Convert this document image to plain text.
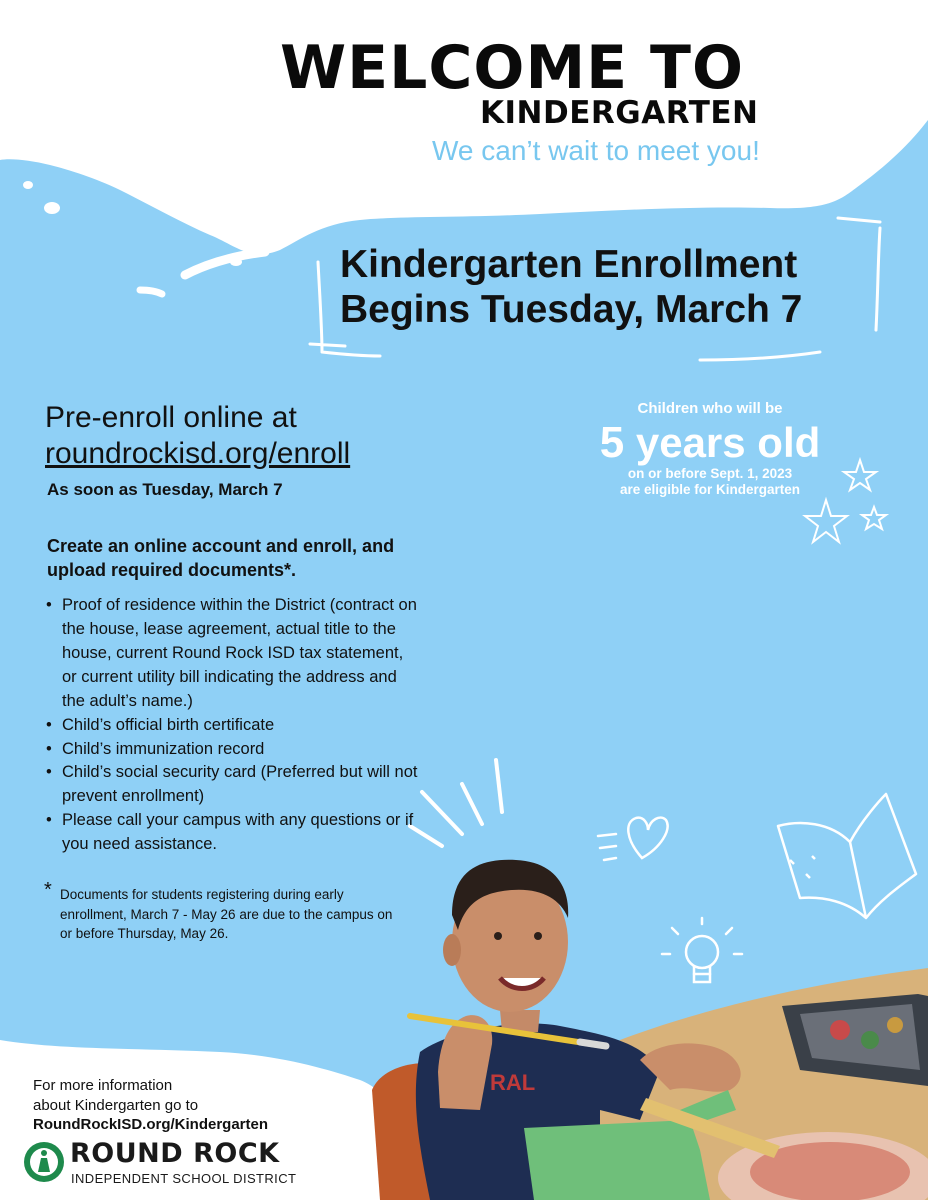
RAL
WELCOME TO
KINDERGARTEN
We can’t wait to meet you!
Kindergarten Enrollment
Begins Tuesday, March 7
Pre-enroll online at
roundrockisd.org/enroll
As soon as Tuesday, March 7
Children who will be
5 years old
on or before Sept. 1, 2023
are eligible for Kindergarten
Create an online account and enroll, and upload required documents*.
• Proof of residence within the District (contract on the house, lease agreement, actual title to the house, current Round Rock ISD tax statement, or current utility bill indicating the address and the adult’s name.)
• Child’s official birth certificate
• Child’s immunization record
• Child’s social security card (Preferred but will not prevent enrollment)
• Please call your campus with any questions or if you need assistance.
* Documents for students registering during early enrollment, March 7 - May 26 are due to the campus on or before Thursday, May 26.
For more information
about Kindergarten go to
RoundRockISD.org/Kindergarten
ROUND ROCK
INDEPENDENT SCHOOL DISTRICT
